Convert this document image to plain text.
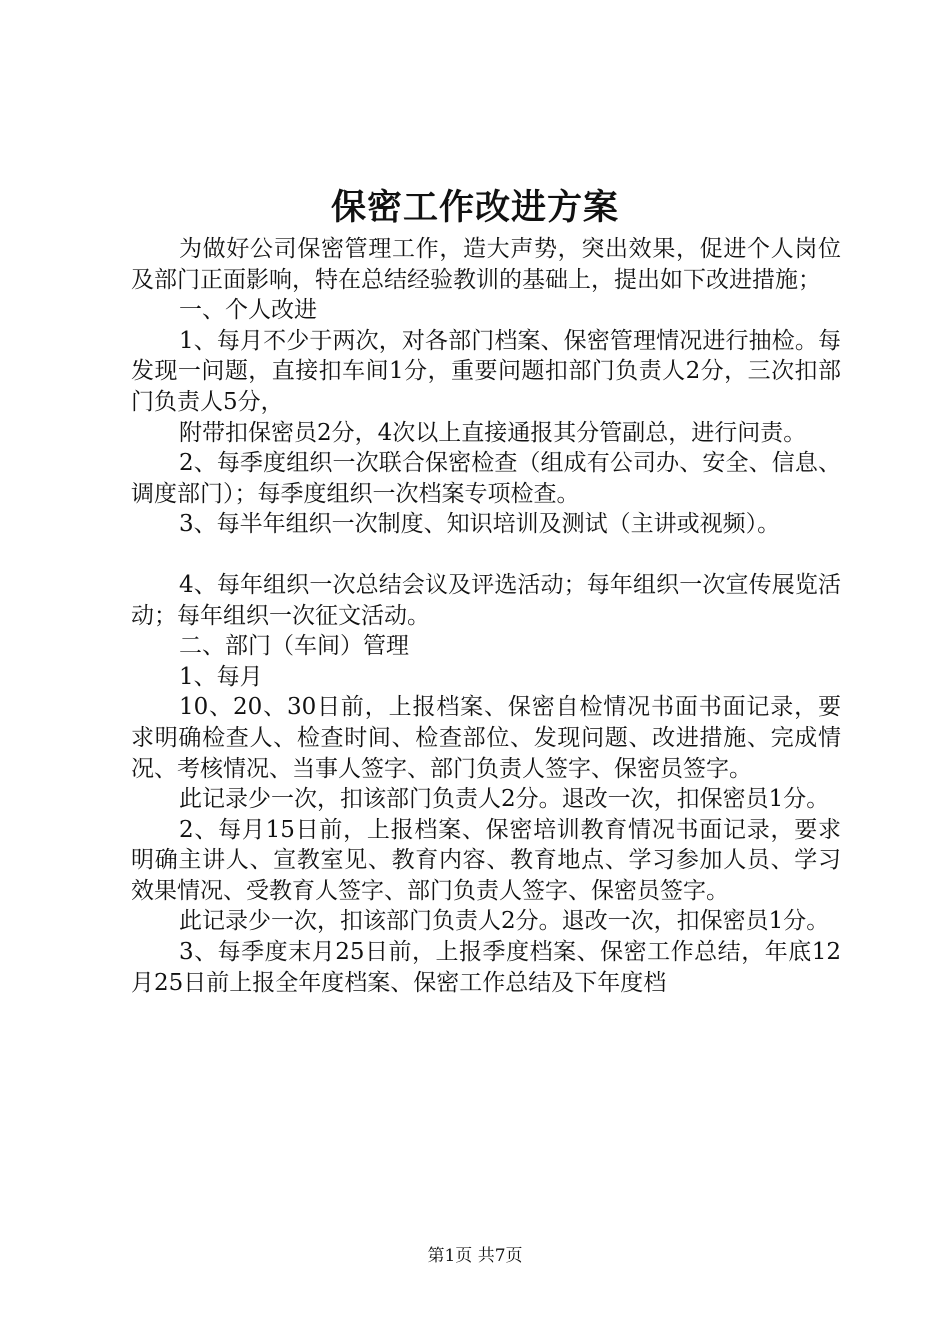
保密工作改进方案

为做好公司保密管理工作，造大声势，突出效果，促进个人岗位及部门正面影响，特在总结经验教训的基础上，提出如下改进措施；

一、个人改进

1、每月不少于两次，对各部门档案、保密管理情况进行抽检。每发现一问题，直接扣车间1分，重要问题扣部门负责人2分，三次扣部门负责人5分，

附带扣保密员2分，4次以上直接通报其分管副总，进行问责。

2、每季度组织一次联合保密检查（组成有公司办、安全、信息、调度部门）；每季度组织一次档案专项检查。

3、每半年组织一次制度、知识培训及测试（主讲或视频）。

4、每年组织一次总结会议及评选活动；每年组织一次宣传展览活动；每年组织一次征文活动。

二、部门（车间）管理

1、每月

10、20、30日前，上报档案、保密自检情况书面书面记录，要求明确检查人、检查时间、检查部位、发现问题、改进措施、完成情况、考核情况、当事人签字、部门负责人签字、保密员签字。

此记录少一次，扣该部门负责人2分。退改一次，扣保密员1分。

2、每月15日前，上报档案、保密培训教育情况书面记录，要求明确主讲人、宣教室见、教育内容、教育地点、学习参加人员、学习效果情况、受教育人签字、部门负责人签字、保密员签字。

此记录少一次，扣该部门负责人2分。退改一次，扣保密员1分。

3、每季度末月25日前，上报季度档案、保密工作总结，年底12月25日前上报全年度档案、保密工作总结及下年度档

第1页 共7页
